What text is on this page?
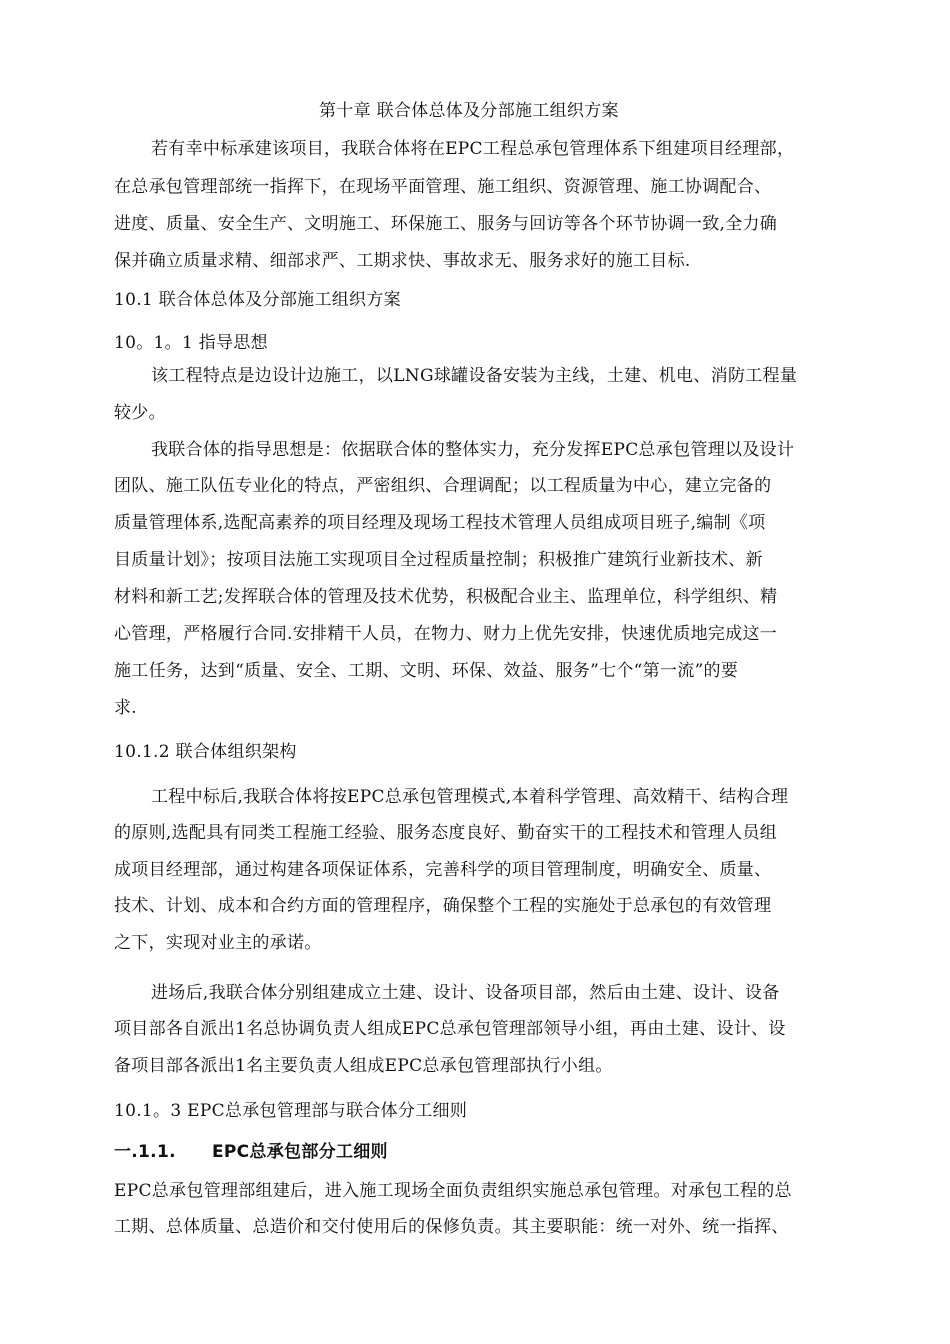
第十章 联合体总体及分部施工组织方案
若有幸中标承建该项目，我联合体将在EPC工程总承包管理体系下组建项目经理部，
在总承包管理部统一指挥下，在现场平面管理、施工组织、资源管理、施工协调配合、
进度、质量、安全生产、文明施工、环保施工、服务与回访等各个环节协调一致,全力确
保并确立质量求精、细部求严、工期求快、事故求无、服务求好的施工目标.
10.1 联合体总体及分部施工组织方案
10。1。1 指导思想
该工程特点是边设计边施工，以LNG球罐设备安装为主线，土建、机电、消防工程量
较少。
我联合体的指导思想是：依据联合体的整体实力，充分发挥EPC总承包管理以及设计
团队、施工队伍专业化的特点，严密组织、合理调配；以工程质量为中心，建立完备的
质量管理体系,选配高素养的项目经理及现场工程技术管理人员组成项目班子,编制《项
目质量计划》；按项目法施工实现项目全过程质量控制；积极推广建筑行业新技术、新
材料和新工艺;发挥联合体的管理及技术优势，积极配合业主、监理单位，科学组织、精
心管理，严格履行合同.安排精干人员，在物力、财力上优先安排，快速优质地完成这一
施工任务，达到“质量、安全、工期、文明、环保、效益、服务”七个“第一流”的要
求.
10.1.2 联合体组织架构
工程中标后,我联合体将按EPC总承包管理模式,本着科学管理、高效精干、结构合理
的原则,选配具有同类工程施工经验、服务态度良好、勤奋实干的工程技术和管理人员组
成项目经理部，通过构建各项保证体系，完善科学的项目管理制度，明确安全、质量、
技术、计划、成本和合约方面的管理程序，确保整个工程的实施处于总承包的有效管理
之下，实现对业主的承诺。
进场后,我联合体分别组建成立土建、设计、设备项目部，然后由土建、设计、设备
项目部各自派出1名总协调负责人组成EPC总承包管理部领导小组，再由土建、设计、设
备项目部各派出1名主要负责人组成EPC总承包管理部执行小组。
10.1。3 EPC总承包管理部与联合体分工细则
一.1.1. EPC总承包部分工细则
EPC总承包管理部组建后，进入施工现场全面负责组织实施总承包管理。对承包工程的总
工期、总体质量、总造价和交付使用后的保修负责。其主要职能：统一对外、统一指挥、
